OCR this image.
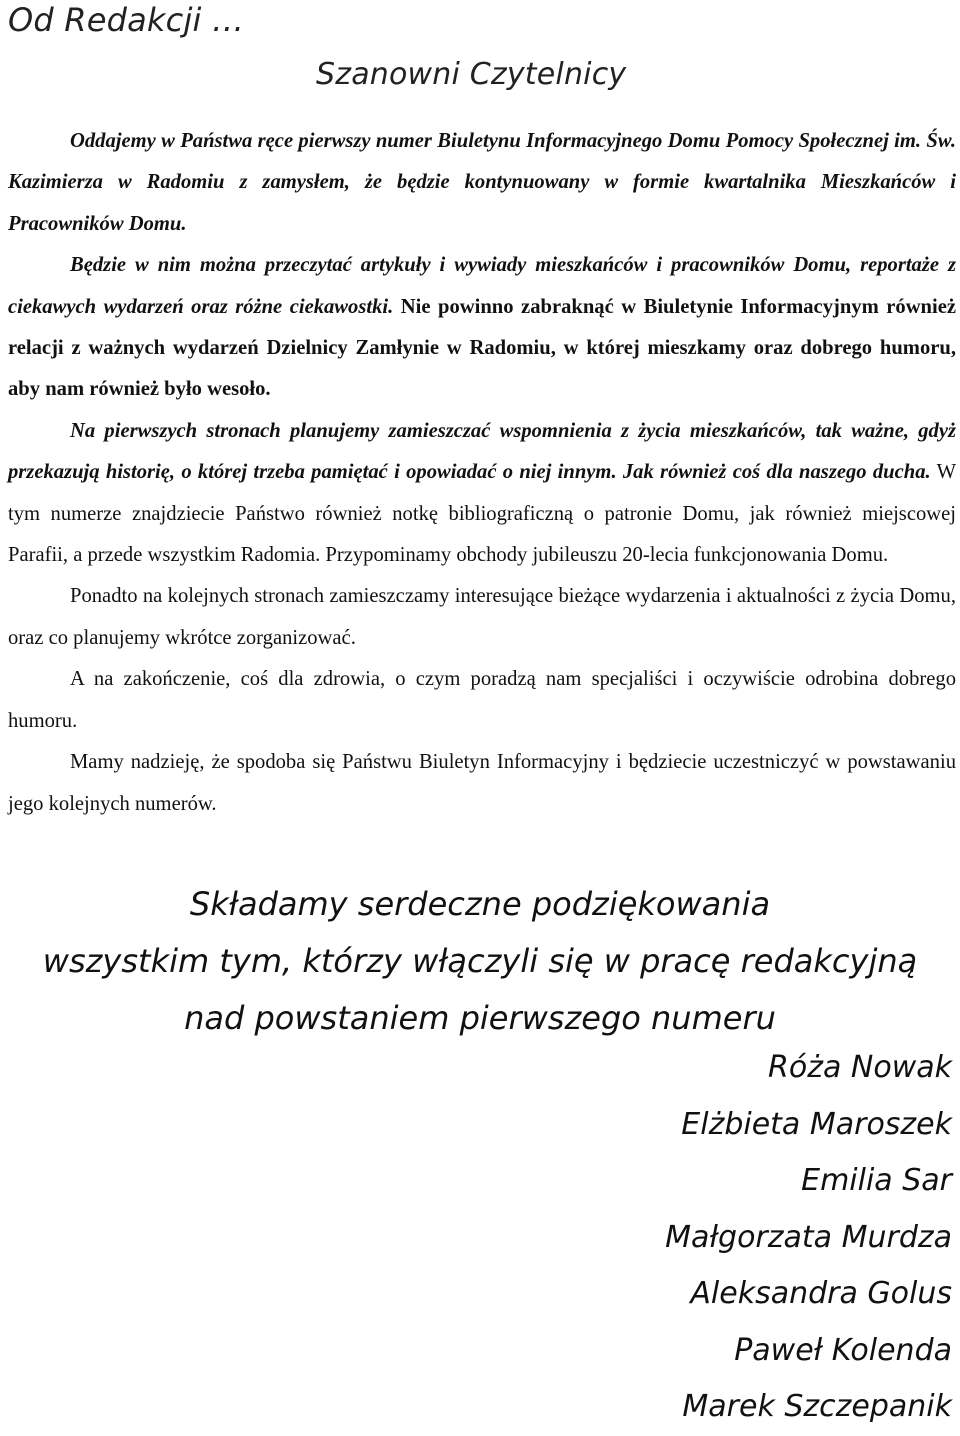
Od Redakcji …
Szanowni Czytelnicy

Oddajemy w Państwa ręce pierwszy numer Biuletynu Informacyjnego Domu Pomocy Społecznej im. Św. Kazimierza w Radomiu z zamysłem, że będzie kontynuowany w formie kwartalnika Mieszkańców i Pracowników Domu.

Będzie w nim można przeczytać artykuły i wywiady mieszkańców i pracowników Domu, reportaże z ciekawych wydarzeń oraz różne ciekawostki. Nie powinno zabraknąć w Biuletynie Informacyjnym również relacji z ważnych wydarzeń Dzielnicy Zamłynie w Radomiu, w której mieszkamy oraz dobrego humoru, aby nam również było wesoło.

Na pierwszych stronach planujemy zamieszczać wspomnienia z życia mieszkańców, tak ważne, gdyż przekazują historię, o której trzeba pamiętać i opowiadać o niej innym. Jak również coś dla naszego ducha. W tym numerze znajdziecie Państwo również notkę bibliograficzną o patronie Domu, jak również miejscowej Parafii, a przede wszystkim Radomia. Przypominamy obchody jubileuszu 20-lecia funkcjonowania Domu.

Ponadto na kolejnych stronach zamieszczamy interesujące bieżące wydarzenia i aktualności z życia Domu, oraz co planujemy wkrótce zorganizować.

A na zakończenie, coś dla zdrowia, o czym poradzą nam specjaliści i oczywiście odrobina dobrego humoru.

Mamy nadzieję, że spodoba się Państwu Biuletyn Informacyjny i będziecie uczestniczyć w powstawaniu jego kolejnych numerów.

Składamy serdeczne podziękowania
wszystkim tym, którzy włączyli się w pracę redakcyjną
nad powstaniem pierwszego numeru
Róża Nowak
Elżbieta Maroszek
Emilia Sar
Małgorzata Murdza
Aleksandra Golus
Paweł Kolenda
Marek Szczepanik
